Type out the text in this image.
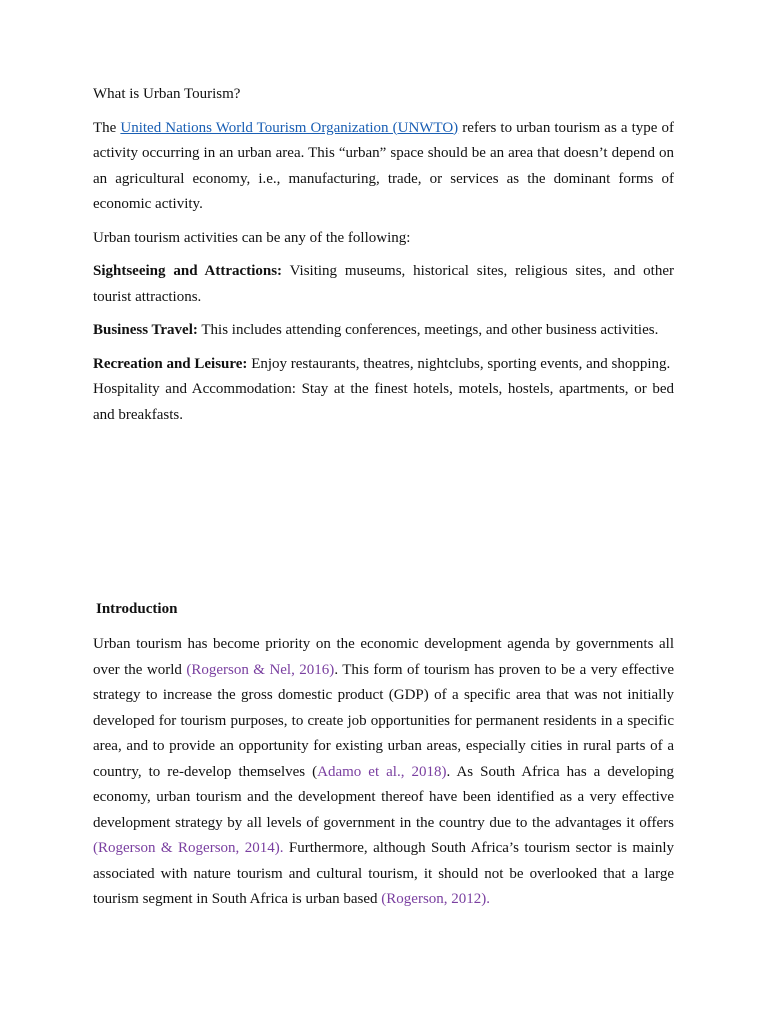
What is Urban Tourism?

The United Nations World Tourism Organization (UNWTO) refers to urban tourism as a type of activity occurring in an urban area. This “urban” space should be an area that doesn’t depend on an agricultural economy, i.e., manufacturing, trade, or services as the dominant forms of economic activity.

Urban tourism activities can be any of the following:

Sightseeing and Attractions: Visiting museums, historical sites, religious sites, and other tourist attractions.

Business Travel: This includes attending conferences, meetings, and other business activities.

Recreation and Leisure: Enjoy restaurants, theatres, nightclubs, sporting events, and shopping.

Hospitality and Accommodation: Stay at the finest hotels, motels, hostels, apartments, or bed and breakfasts.

Introduction

Urban tourism has become priority on the economic development agenda by governments all over the world (Rogerson & Nel, 2016). This form of tourism has proven to be a very effective strategy to increase the gross domestic product (GDP) of a specific area that was not initially developed for tourism purposes, to create job opportunities for permanent residents in a specific area, and to provide an opportunity for existing urban areas, especially cities in rural parts of a country, to re-develop themselves (Adamo et al., 2018). As South Africa has a developing economy, urban tourism and the development thereof have been identified as a very effective development strategy by all levels of government in the country due to the advantages it offers (Rogerson & Rogerson, 2014). Furthermore, although South Africa’s tourism sector is mainly associated with nature tourism and cultural tourism, it should not be overlooked that a large tourism segment in South Africa is urban based (Rogerson, 2012).
